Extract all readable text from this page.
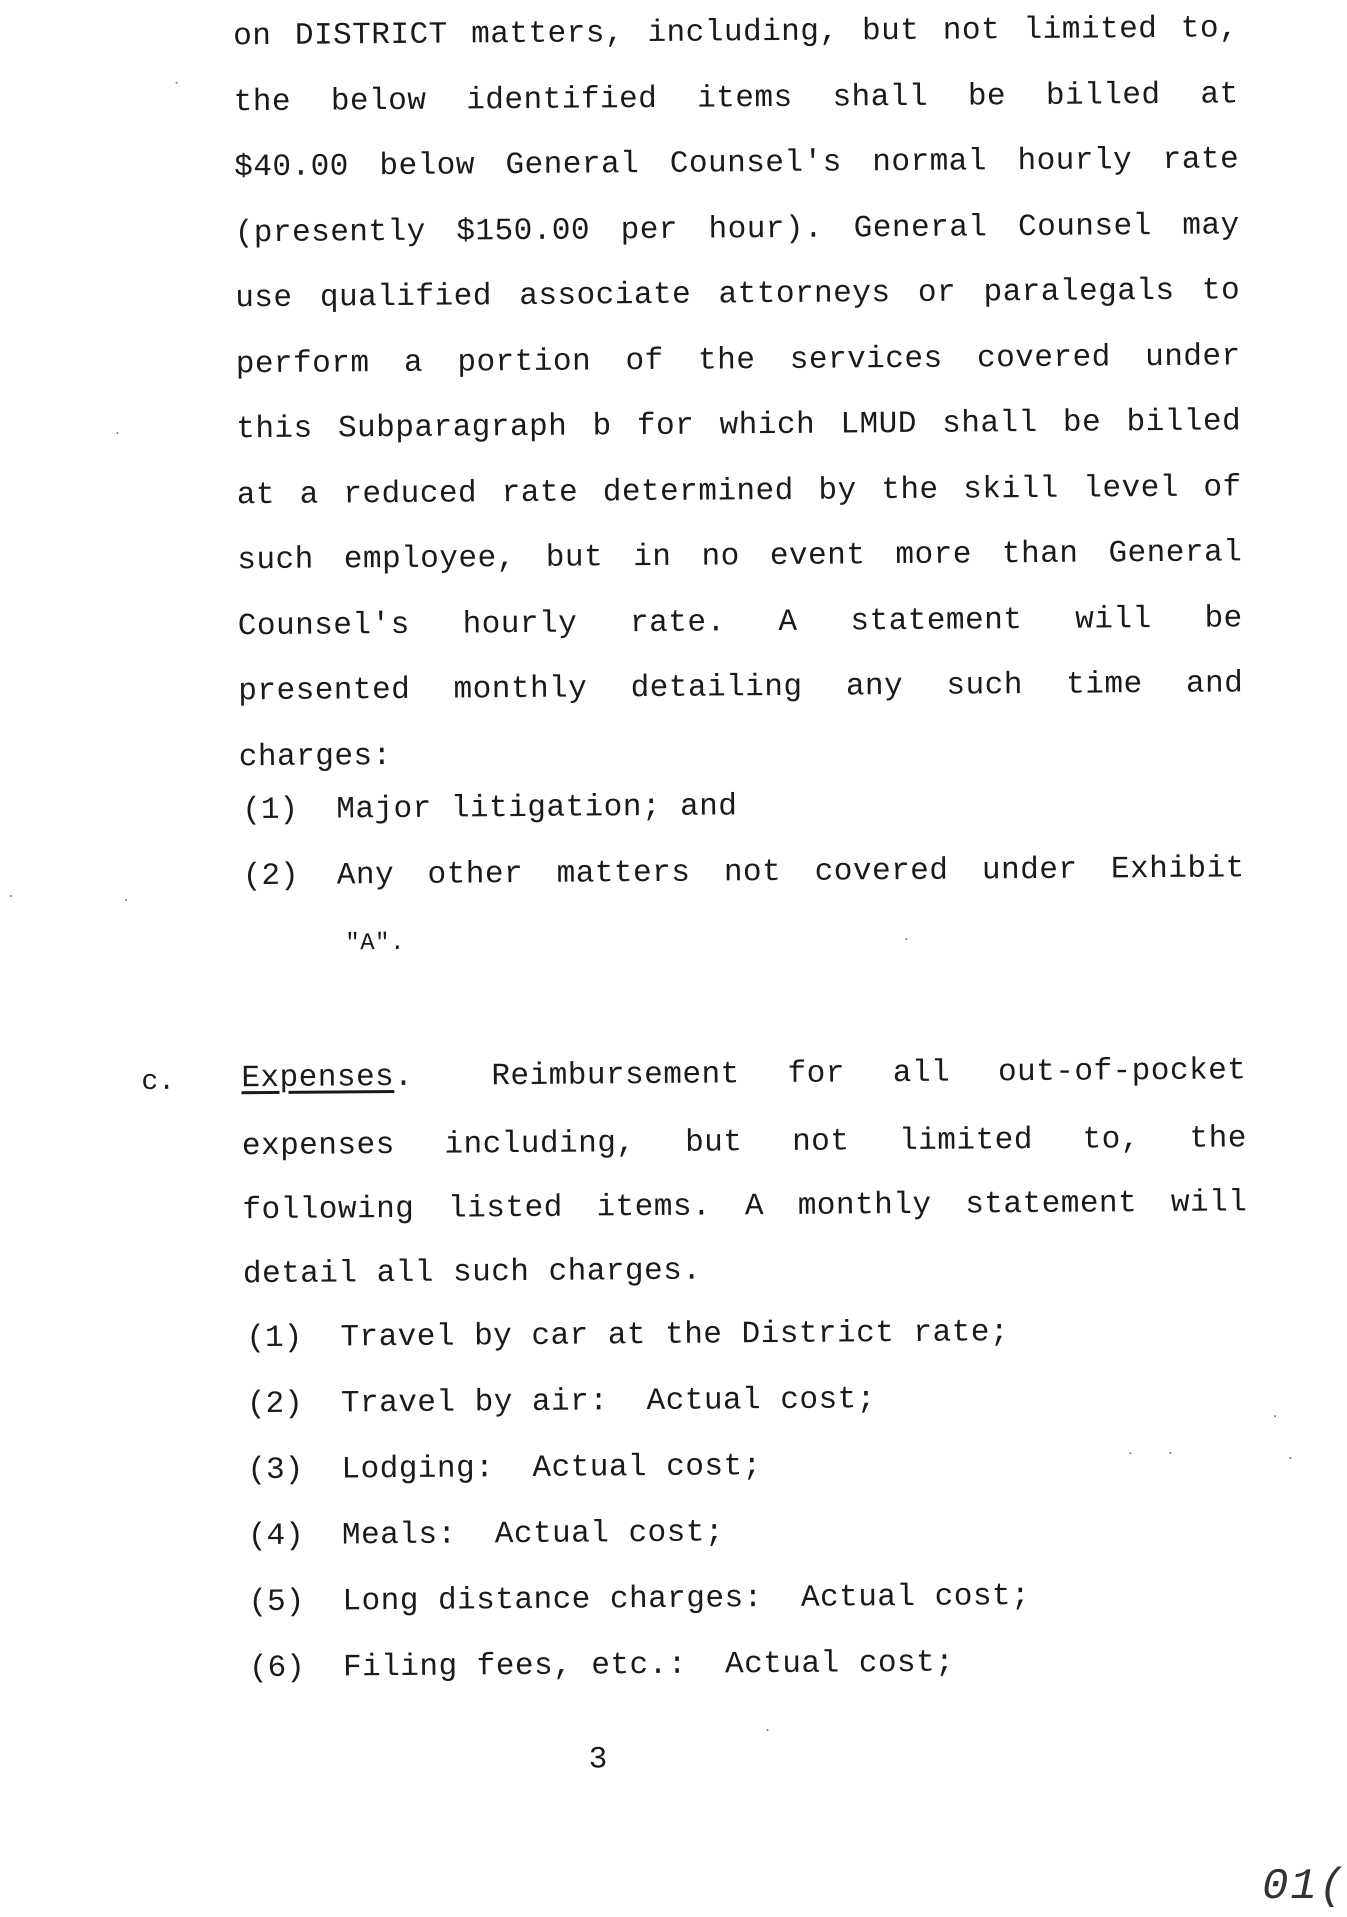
on DISTRICT matters, including, but not limited to,
the below identified items shall be billed at
$40.00 below General Counsel's normal hourly rate
(presently $150.00 per hour). General Counsel may
use qualified associate attorneys or paralegals to
perform a portion of the services covered under
this Subparagraph b for which LMUD shall be billed
at a reduced rate determined by the skill level of
such employee, but in no event more than General
Counsel's hourly rate. A statement will be
presented monthly detailing any such time and
charges:
(1) Major litigation; and
(2) Any other matters not covered under Exhibit
"A".
c. Expenses.	Reimbursement for all out-of-pocket
expenses including, but not limited to, the
following listed items. A monthly statement will
detail all such charges.
(1) Travel by car at the District rate;
(2) Travel by air:  Actual cost;
(3) Lodging:  Actual cost;
(4) Meals:  Actual cost;
(5) Long distance charges:  Actual cost;
(6) Filing fees, etc.:  Actual cost;
3
01(
